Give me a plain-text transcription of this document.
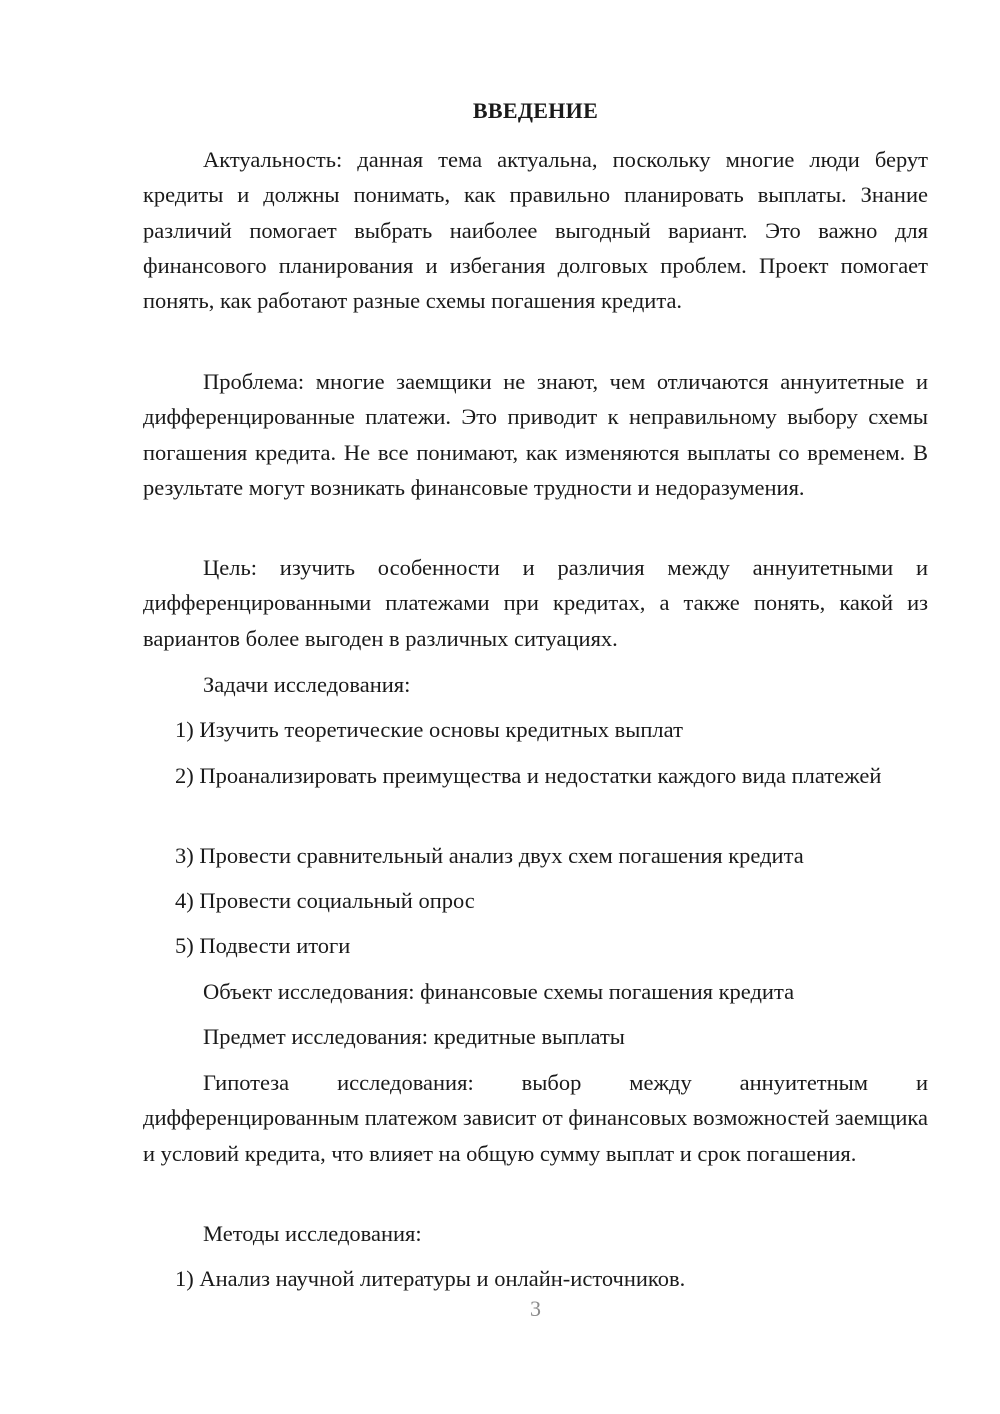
ВВЕДЕНИЕ

Актуальность: данная тема актуальна, поскольку многие люди берут кредиты и должны понимать, как правильно планировать выплаты. Знание различий помогает выбрать наиболее выгодный вариант. Это важно для финансового планирования и избегания долговых проблем. Проект помогает понять, как работают разные схемы погашения кредита.

Проблема: многие заемщики не знают, чем отличаются аннуитетные и дифференцированные платежи. Это приводит к неправильному выбору схемы погашения кредита. Не все понимают, как изменяются выплаты со временем. В результате могут возникать финансовые трудности и недоразумения.

Цель: изучить особенности и различия между аннуитетными и дифференцированными платежами при кредитах, а также понять, какой из вариантов более выгоден в различных ситуациях.

Задачи исследования:

1) Изучить теоретические основы кредитных выплат

2) Проанализировать преимущества и недостатки каждого вида платежей

3) Провести сравнительный анализ двух схем погашения кредита

4) Провести социальный опрос

5) Подвести итоги

Объект исследования: финансовые схемы погашения кредита

Предмет исследования: кредитные выплаты

Гипотеза исследования: выбор между аннуитетным и дифференцированным платежом зависит от финансовых возможностей заемщика и условий кредита, что влияет на общую сумму выплат и срок погашения.

Методы исследования:

1) Анализ научной литературы и онлайн-источников.

3
